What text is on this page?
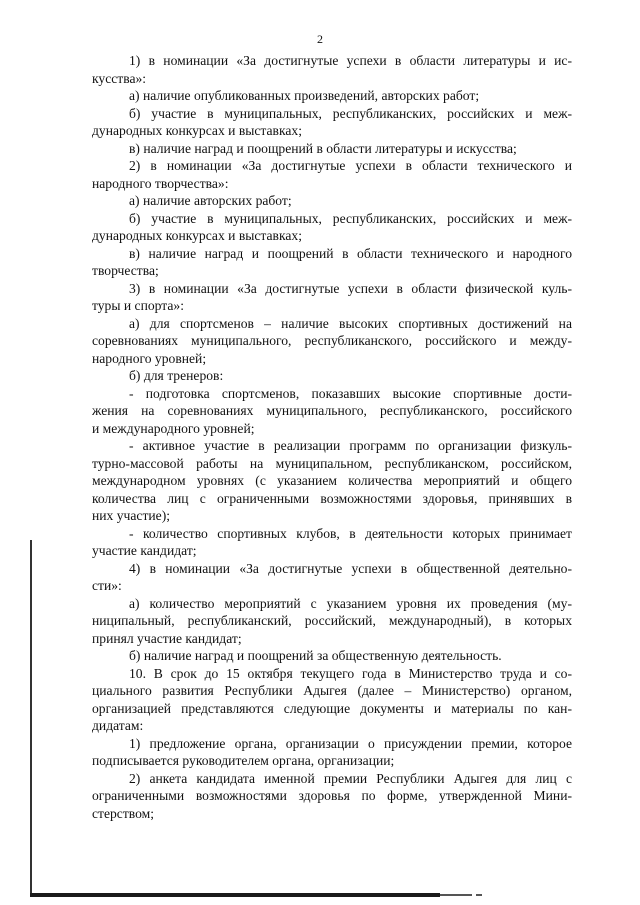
2
1) в номинации «За достигнутые успехи в области литературы и ис-
кусства»:
а) наличие опубликованных произведений, авторских работ;
б) участие в муниципальных, республиканских, российских и меж-
дународных конкурсах и выставках;
в) наличие наград и поощрений в области литературы и искусства;
2) в номинации «За достигнутые успехи в области технического и
народного творчества»:
а) наличие авторских работ;
б) участие в муниципальных, республиканских, российских и меж-
дународных конкурсах и выставках;
в) наличие наград и поощрений в области технического и народного
творчества;
3) в номинации «За достигнутые успехи в области физической куль-
туры и спорта»:
а) для спортсменов – наличие высоких спортивных достижений на
соревнованиях муниципального, республиканского, российского и между-
народного уровней;
б) для тренеров:
- подготовка спортсменов, показавших высокие спортивные дости-
жения на соревнованиях муниципального, республиканского, российского
и международного уровней;
- активное участие в реализации программ по организации физкуль-
турно-массовой работы на муниципальном, республиканском, российском,
международном уровнях (с указанием количества мероприятий и общего
количества лиц с ограниченными возможностями здоровья, принявших в
них участие);
- количество спортивных клубов, в деятельности которых принимает
участие кандидат;
4) в номинации «За достигнутые успехи в общественной деятельно-
сти»:
а) количество мероприятий с указанием уровня их проведения (му-
ниципальный, республиканский, российский, международный), в которых
принял участие кандидат;
б) наличие наград и поощрений за общественную деятельность.
10. В срок до 15 октября текущего года в Министерство труда и со-
циального развития Республики Адыгея (далее – Министерство) органом,
организацией представляются следующие документы и материалы по кан-
дидатам:
1) предложение органа, организации о присуждении премии, которое
подписывается руководителем органа, организации;
2) анкета кандидата именной премии Республики Адыгея для лиц с
ограниченными возможностями здоровья по форме, утвержденной Мини-
стерством;
